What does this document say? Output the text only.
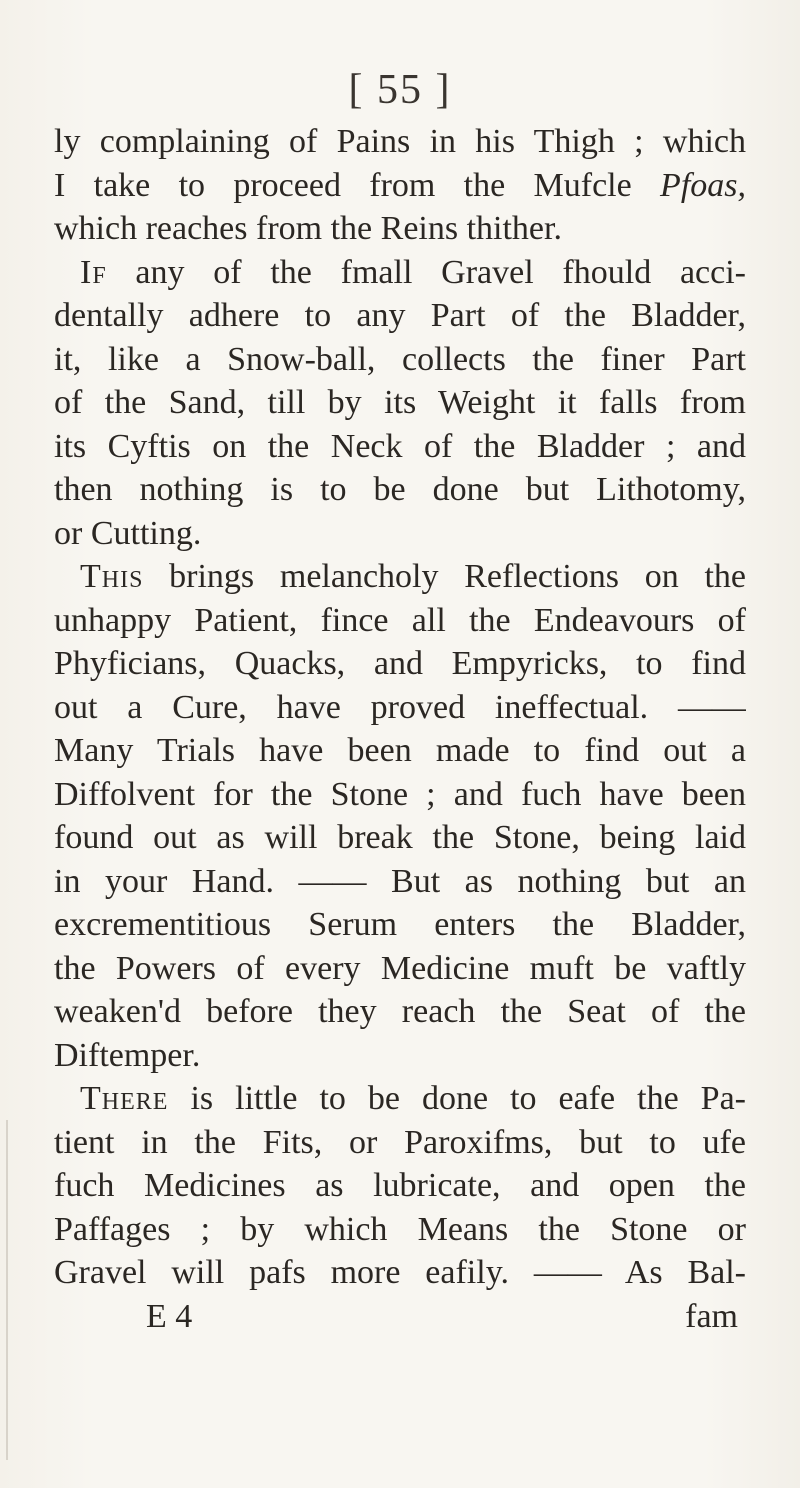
[ 55 ]
ly complaining of Pains in his Thigh ; which
I take to proceed from the Mufcle Pfoas,
which reaches from the Reins thither.
If any of the fmall Gravel fhould acci-
dentally adhere to any Part of the Bladder,
it, like a Snow-ball, collects the finer Part
of the Sand, till by its Weight it falls from
its Cyftis on the Neck of the Bladder ; and
then nothing is to be done but Lithotomy,
or Cutting.
This brings melancholy Reflections on the
unhappy Patient, fince all the Endeavours of
Phyficians, Quacks, and Empyricks, to find
out a Cure, have proved ineffectual. ——
Many Trials have been made to find out a
Diffolvent for the Stone ; and fuch have been
found out as will break the Stone, being laid
in your Hand. —— But as nothing but an
excrementitious Serum enters the Bladder,
the Powers of every Medicine muft be vaftly
weaken'd before they reach the Seat of the
Diftemper.
There is little to be done to eafe the Pa-
tient in the Fits, or Paroxifms, but to ufe
fuch Medicines as lubricate, and open the
Paffages ; by which Means the Stone or
Gravel will pafs more eafily. —— As Bal-
E 4	fam
